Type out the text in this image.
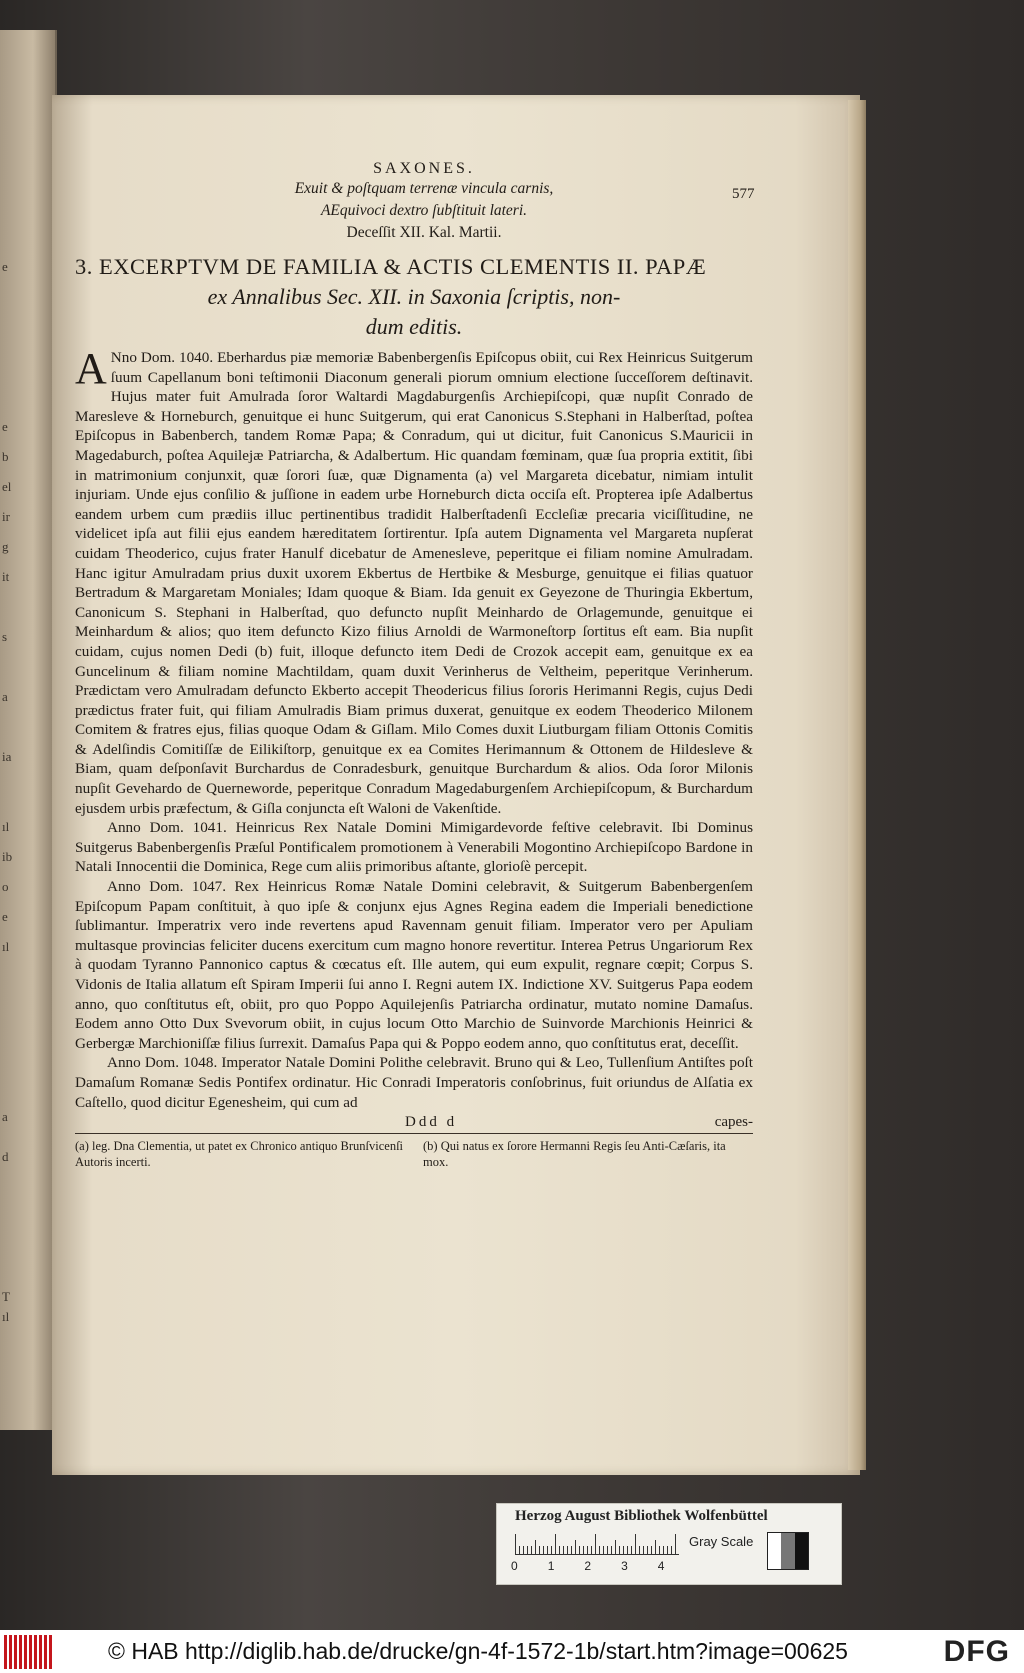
e
e
b
el
ir
g
it
s
a
ia
ıl
ib
o
e
ıl
a
d
T
ıl
577
SAXONES.
Exuit & poſtquam terrenæ vincula carnis,
AEquivoci dextro ſubſtituit lateri.
Deceſſit XII. Kal. Martii.
3. EXCERPTVM DE FAMILIA & ACTIS CLEMENTIS II. PAPÆ
ex Annalibus Sec. XII. in Saxonia ſcriptis, non-
dum editis.

A Nno Dom. 1040. Eberhardus piæ memoriæ Babenbergenſis Epiſcopus obiit, cui Rex Heinricus Suitgerum ſuum Capellanum boni teſtimonii Diaconum generali piorum omnium electione ſucceſſorem deſtinavit. Hujus mater fuit Amulrada ſoror Waltardi Magdaburgenſis Archiepiſcopi, quæ nupſit Conrado de Maresleve & Horneburch, genuitque ei hunc Suitgerum, qui erat Canonicus S.Stephani in Halberſtad, poſtea Epiſcopus in Babenberch, tandem Romæ Papa; & Conradum, qui ut dicitur, fuit Canonicus S.Mauricii in Magedaburch, poſtea Aquilejæ Patriarcha, & Adalbertum. Hic quandam fœminam, quæ ſua propria extitit, ſibi in matrimonium conjunxit, quæ ſorori ſuæ, quæ Dignamenta (a) vel Margareta dicebatur, nimiam intulit injuriam. Unde ejus conſilio & juſſione in eadem urbe Horneburch dicta occiſa eſt. Propterea ipſe Adalbertus eandem urbem cum prædiis illuc pertinentibus tradidit Halberſtadenſi Eccleſiæ precaria viciſſitudine, ne videlicet ipſa aut filii ejus eandem hæreditatem ſortirentur. Ipſa autem Dignamenta vel Margareta nupſerat cuidam Theoderico, cujus frater Hanulf dicebatur de Amenesleve, peperitque ei filiam nomine Amulradam. Hanc igitur Amulradam prius duxit uxorem Ekbertus de Hertbike & Mesburge, genuitque ei filias quatuor Bertradum & Margaretam Moniales; Idam quoque & Biam. Ida genuit ex Geyezone de Thuringia Ekbertum, Canonicum S. Stephani in Halberſtad, quo defuncto nupſit Meinhardo de Orlagemunde, genuitque ei Meinhardum & alios; quo item defuncto Kizo filius Arnoldi de Warmoneſtorp ſortitus eſt eam. Bia nupſit cuidam, cujus nomen Dedi (b) fuit, illoque defuncto item Dedi de Crozok accepit eam, genuitque ex ea Guncelinum & filiam nomine Machtildam, quam duxit Verinherus de Veltheim, peperitque Verinherum. Prædictam vero Amulradam defuncto Ekberto accepit Theodericus filius ſororis Herimanni Regis, cujus Dedi prædictus frater fuit, qui filiam Amulradis Biam primus duxerat, genuitque ex eodem Theoderico Milonem Comitem & fratres ejus, filias quoque Odam & Giſlam. Milo Comes duxit Liutburgam filiam Ottonis Comitis & Adelſindis Comitiſſæ de Eilikiſtorp, genuitque ex ea Comites Herimannum & Ottonem de Hildesleve & Biam, quam deſponſavit Burchardus de Conradesburk, genuitque Burchardum & alios. Oda ſoror Milonis nupſit Gevehardo de Querneworde, peperitque Conradum Magedaburgenſem Archiepiſcopum, & Burchardum ejusdem urbis præfectum, & Giſla conjuncta eſt Waloni de Vakenſtide.

Anno Dom. 1041. Heinricus Rex Natale Domini Mimigardevorde feſtive celebravit. Ibi Dominus Suitgerus Babenbergenſis Præſul Pontificalem promotionem à Venerabili Mogontino Archiepiſcopo Bardone in Natali Innocentii die Dominica, Rege cum aliis primoribus aſtante, glorioſè percepit.

Anno Dom. 1047. Rex Heinricus Romæ Natale Domini celebravit, & Suitgerum Babenbergenſem Epiſcopum Papam conſtituit, à quo ipſe & conjunx ejus Agnes Regina eadem die Imperiali benedictione ſublimantur. Imperatrix vero inde revertens apud Ravennam genuit filiam. Imperator vero per Apuliam multasque provincias feliciter ducens exercitum cum magno honore revertitur. Interea Petrus Ungariorum Rex à quodam Tyranno Pannonico captus & cœcatus eſt. Ille autem, qui eum expulit, regnare cœpit; Corpus S. Vidonis de Italia allatum eſt Spiram Imperii ſui anno I. Regni autem IX. Indictione XV. Suitgerus Papa eodem anno, quo conſtitutus eſt, obiit, pro quo Poppo Aquilejenſis Patriarcha ordinatur, mutato nomine Damaſus. Eodem anno Otto Dux Svevorum obiit, in cujus locum Otto Marchio de Suinvorde Marchionis Heinrici & Gerbergæ Marchioniſſæ filius ſurrexit. Damaſus Papa qui & Poppo eodem anno, quo conſtitutus erat, deceſſit.

Anno Dom. 1048. Imperator Natale Domini Polithe celebravit. Bruno qui & Leo, Tullenſium Antiſtes poſt Damaſum Romanæ Sedis Pontifex ordinatur. Hic Conradi Imperatoris conſobrinus, fuit oriundus de Alſatia ex Caſtello, quod dicitur Egenesheim, qui cum ad

Ddd d	capes-
(a) leg. Dna Clementia, ut patet ex Chronico antiquo Brunſvicenſi Autoris incerti.
(b) Qui natus ex ſorore Hermanni Regis ſeu Anti-Cæſaris, ita mox.
Herzog August Bibliothek Wolfenbüttel
0	1	2	3	4
Gray Scale
© HAB http://diglib.hab.de/drucke/gn-4f-1572-1b/start.htm?image=00625	DFG
